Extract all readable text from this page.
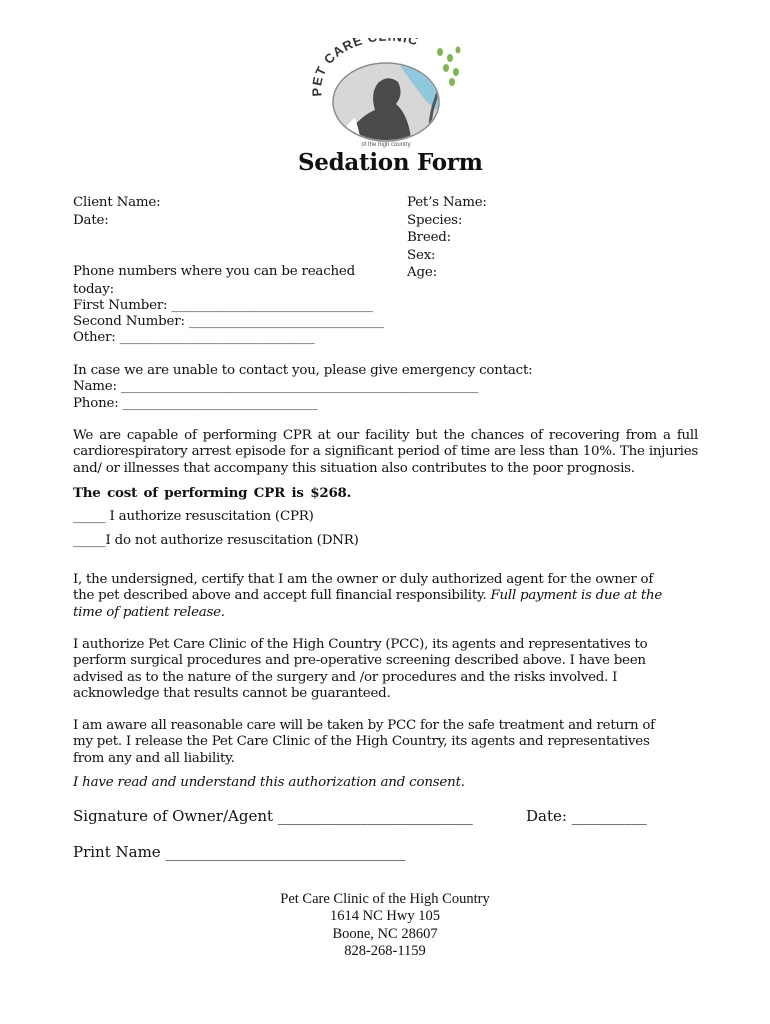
PET CARE C
of the high country
Sedation Form
Client Name:
Date:
Pet’s Name:
Species:
Breed:
Sex:
Age:
Phone numbers where you can be reached
today:
First Number: _______________________________
Second Number: ______________________________
Other: ______________________________
In case we are unable to contact you, please give emergency contact:
Name: _______________________________________________________
Phone: ______________________________
We are capable of performing CPR at our facility but the chances of recovering from a full cardiorespiratory arrest episode for a significant period of time are less than 10%. The injuries and/ or illnesses that accompany this situation also contributes to the poor prognosis.
The cost of performing CPR is $268.
_____ I authorize resuscitation (CPR)
_____I do not authorize resuscitation (DNR)
I, the undersigned, certify that I am the owner or duly authorized agent for the owner of the pet described above and accept full financial responsibility. Full payment is due at the time of patient release.
I authorize Pet Care Clinic of the High Country (PCC), its agents and representatives to perform surgical procedures and pre-operative screening described above. I have been advised as to the nature of the surgery and /or procedures and the risks involved. I acknowledge that results cannot be guaranteed.
I am aware all reasonable care will be taken by PCC for the safe treatment and return of my pet. I release the Pet Care Clinic of the High Country, its agents and representatives from any and all liability.
I have read and understand this authorization and consent.
Signature of Owner/Agent __________________________	Date: __________
Print Name ________________________________
Pet Care Clinic of the High Country
1614 NC Hwy 105
Boone, NC 28607
828-268-1159
